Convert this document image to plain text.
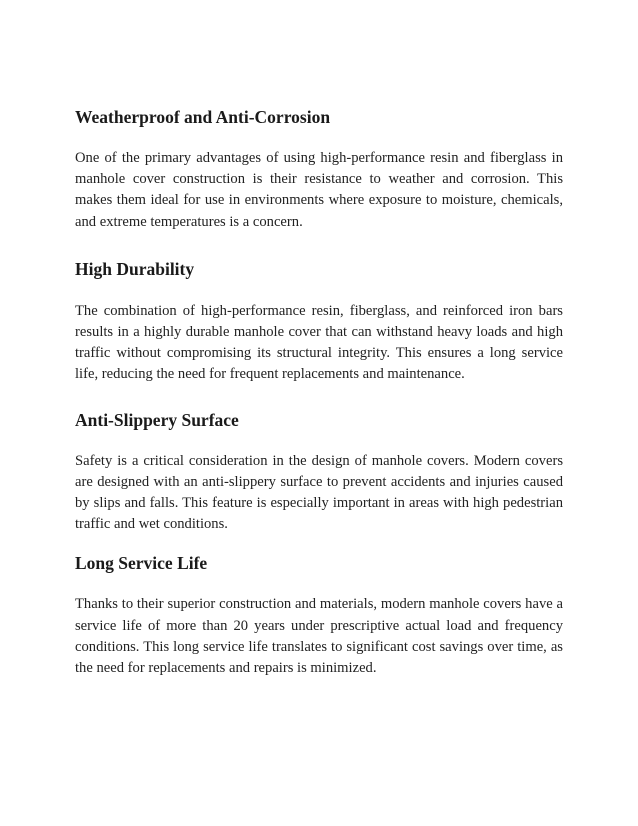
Weatherproof and Anti-Corrosion

One of the primary advantages of using high-performance resin and fiberglass in manhole cover construction is their resistance to weather and corrosion. This makes them ideal for use in environments where exposure to moisture, chemicals, and extreme temperatures is a concern.

High Durability

The combination of high-performance resin, fiberglass, and reinforced iron bars results in a highly durable manhole cover that can withstand heavy loads and high traffic without compromising its structural integrity. This ensures a long service life, reducing the need for frequent replacements and maintenance.

Anti-Slippery Surface

Safety is a critical consideration in the design of manhole covers. Modern covers are designed with an anti-slippery surface to prevent accidents and injuries caused by slips and falls. This feature is especially important in areas with high pedestrian traffic and wet conditions.

Long Service Life

Thanks to their superior construction and materials, modern manhole covers have a service life of more than 20 years under prescriptive actual load and frequency conditions. This long service life translates to significant cost savings over time, as the need for replacements and repairs is minimized.
